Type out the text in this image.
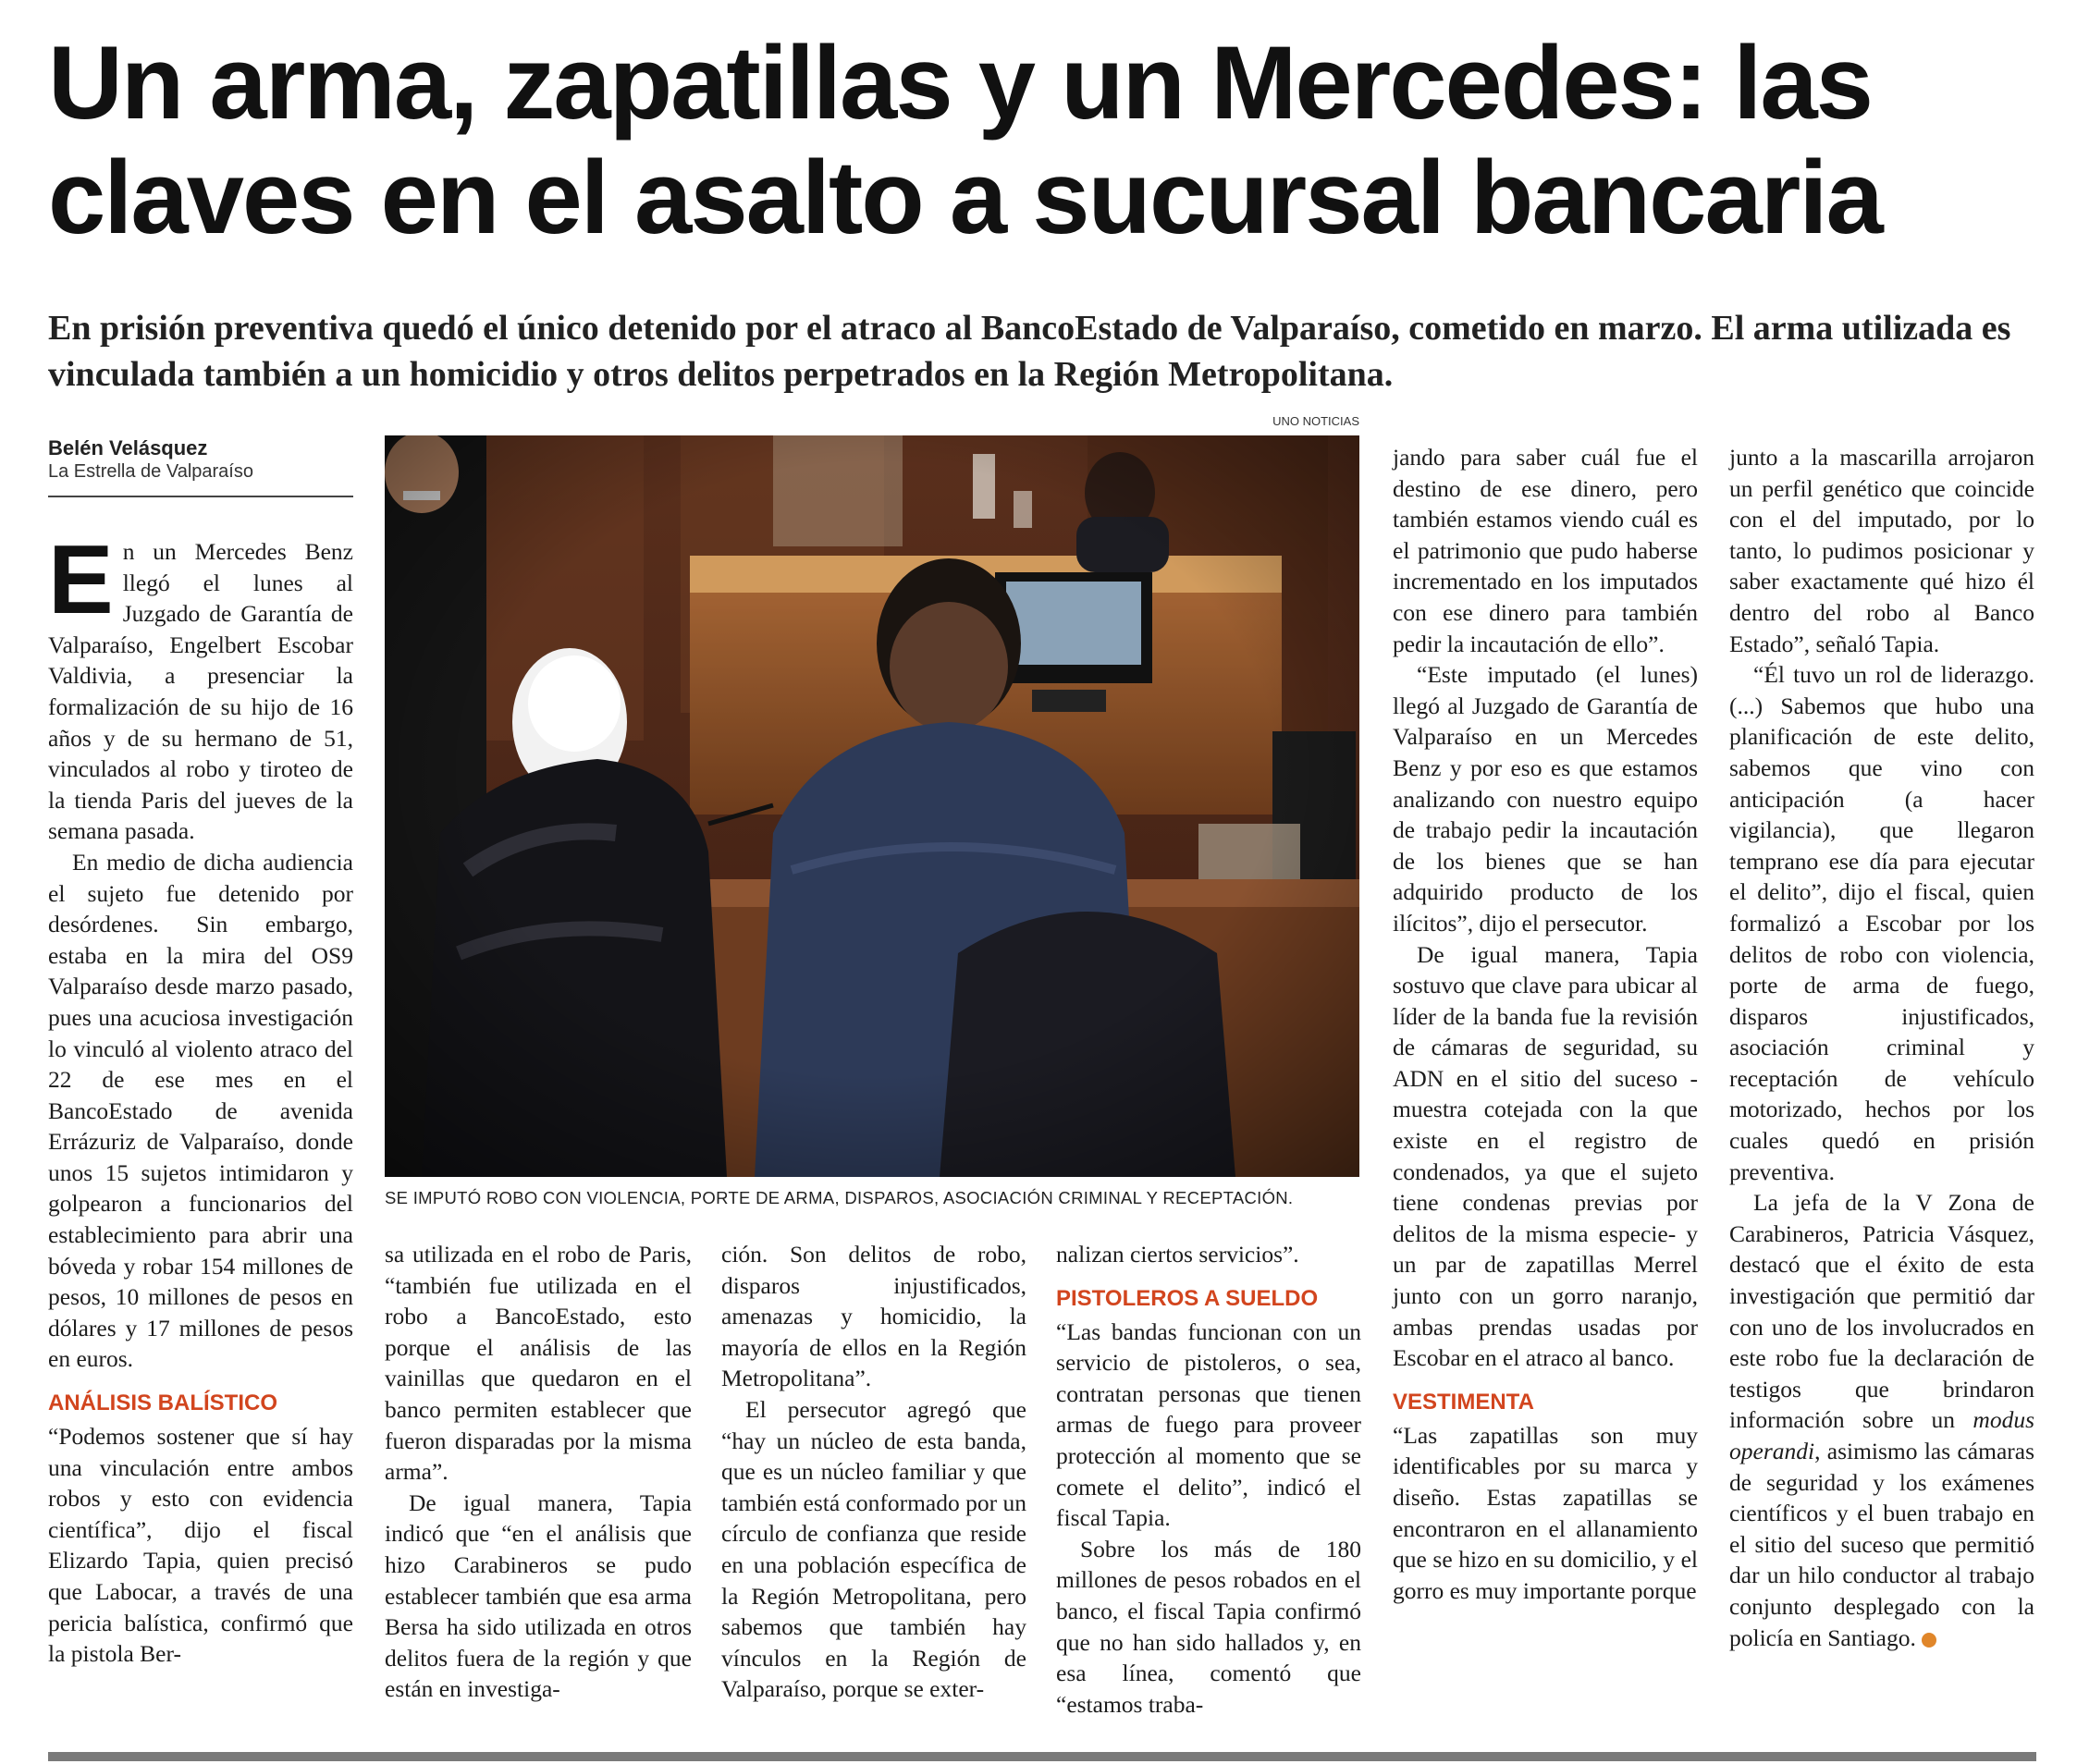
Un arma, zapatillas y un Mercedes: las claves en el asalto a sucursal bancaria

En prisión preventiva quedó el único detenido por el atraco al BancoEstado de Valparaíso, cometido en marzo. El arma utilizada es vinculada también a un homicidio y otros delitos perpetrados en la Región Metropolitana.

Belén Velásquez
La Estrella de Valparaíso

En un Mercedes Benz llegó el lunes al Juzgado de Garantía de Valparaíso, Engelbert Escobar Valdivia, a presenciar la formalización de su hijo de 16 años y de su hermano de 51, vinculados al robo y tiroteo de la tienda Paris del jueves de la semana pasada.

En medio de dicha audiencia el sujeto fue detenido por desórdenes. Sin embargo, estaba en la mira del OS9 Valparaíso desde marzo pasado, pues una acuciosa investigación lo vinculó al violento atraco del 22 de ese mes en el BancoEstado de avenida Errázuriz de Valparaíso, donde unos 15 sujetos intimidaron y golpearon a funcionarios del establecimiento para abrir una bóveda y robar 154 millones de pesos, 10 millones de pesos en dólares y 17 millones de pesos en euros.

ANÁLISIS BALÍSTICO

“Podemos sostener que sí hay una vinculación entre ambos robos y esto con evidencia científica”, dijo el fiscal Elizardo Tapia, quien precisó que Labocar, a través de una pericia balística, confirmó que la pistola Ber-

UNO NOTICIAS
SE IMPUTÓ ROBO CON VIOLENCIA, PORTE DE ARMA, DISPAROS, ASOCIACIÓN CRIMINAL Y RECEPTACIÓN.

sa utilizada en el robo de Paris, “también fue utilizada en el robo a BancoEstado, esto porque el análisis de las vainillas que quedaron en el banco permiten establecer que fueron disparadas por la misma arma”.

De igual manera, Tapia indicó que “en el análisis que hizo Carabineros se pudo establecer también que esa arma Bersa ha sido utilizada en otros delitos fuera de la región y que están en investiga-

ción. Son delitos de robo, disparos injustificados, amenazas y homicidio, la mayoría de ellos en la Región Metropolitana”.

El persecutor agregó que “hay un núcleo de esta banda, que es un núcleo familiar y que también está conformado por un círculo de confianza que reside en una población específica de la Región Metropolitana, pero sabemos que también hay vínculos en la Región de Valparaíso, porque se exter-

nalizan ciertos servicios”.

PISTOLEROS A SUELDO

“Las bandas funcionan con un servicio de pistoleros, o sea, contratan personas que tienen armas de fuego para proveer protección al momento que se comete el delito”, indicó el fiscal Tapia.

Sobre los más de 180 millones de pesos robados en el banco, el fiscal Tapia confirmó que no han sido hallados y, en esa línea, comentó que “estamos traba-

jando para saber cuál fue el destino de ese dinero, pero también estamos viendo cuál es el patrimonio que pudo haberse incrementado en los imputados con ese dinero para también pedir la incautación de ello”.

“Este imputado (el lunes) llegó al Juzgado de Garantía de Valparaíso en un Mercedes Benz y por eso es que estamos analizando con nuestro equipo de trabajo pedir la incautación de los bienes que se han adquirido producto de los ilícitos”, dijo el persecutor.

De igual manera, Tapia sostuvo que clave para ubicar al líder de la banda fue la revisión de cámaras de seguridad, su ADN en el sitio del suceso -muestra cotejada con la que existe en el registro de condenados, ya que el sujeto tiene condenas previas por delitos de la misma especie- y un par de zapatillas Merrel junto con un gorro naranjo, ambas prendas usadas por Escobar en el atraco al banco.

VESTIMENTA

“Las zapatillas son muy identificables por su marca y diseño. Estas zapatillas se encontraron en el allanamiento que se hizo en su domicilio, y el gorro es muy importante porque

junto a la mascarilla arrojaron un perfil genético que coincide con el del imputado, por lo tanto, lo pudimos posicionar y saber exactamente qué hizo él dentro del robo al Banco Estado”, señaló Tapia.

“Él tuvo un rol de liderazgo. (...) Sabemos que hubo una planificación de este delito, sabemos que vino con anticipación (a hacer vigilancia), que llegaron temprano ese día para ejecutar el delito”, dijo el fiscal, quien formalizó a Escobar por los delitos de robo con violencia, porte de arma de fuego, disparos injustificados, asociación criminal y receptación de vehículo motorizado, hechos por los cuales quedó en prisión preventiva.

La jefa de la V Zona de Carabineros, Patricia Vásquez, destacó que el éxito de esta investigación que permitió dar con uno de los involucrados en este robo fue la declaración de testigos que brindaron información sobre un modus operandi, asimismo las cámaras de seguridad y los exámenes científicos y el buen trabajo en el sitio del suceso que permitió dar un hilo conductor al trabajo conjunto desplegado con la policía en Santiago.	✪
